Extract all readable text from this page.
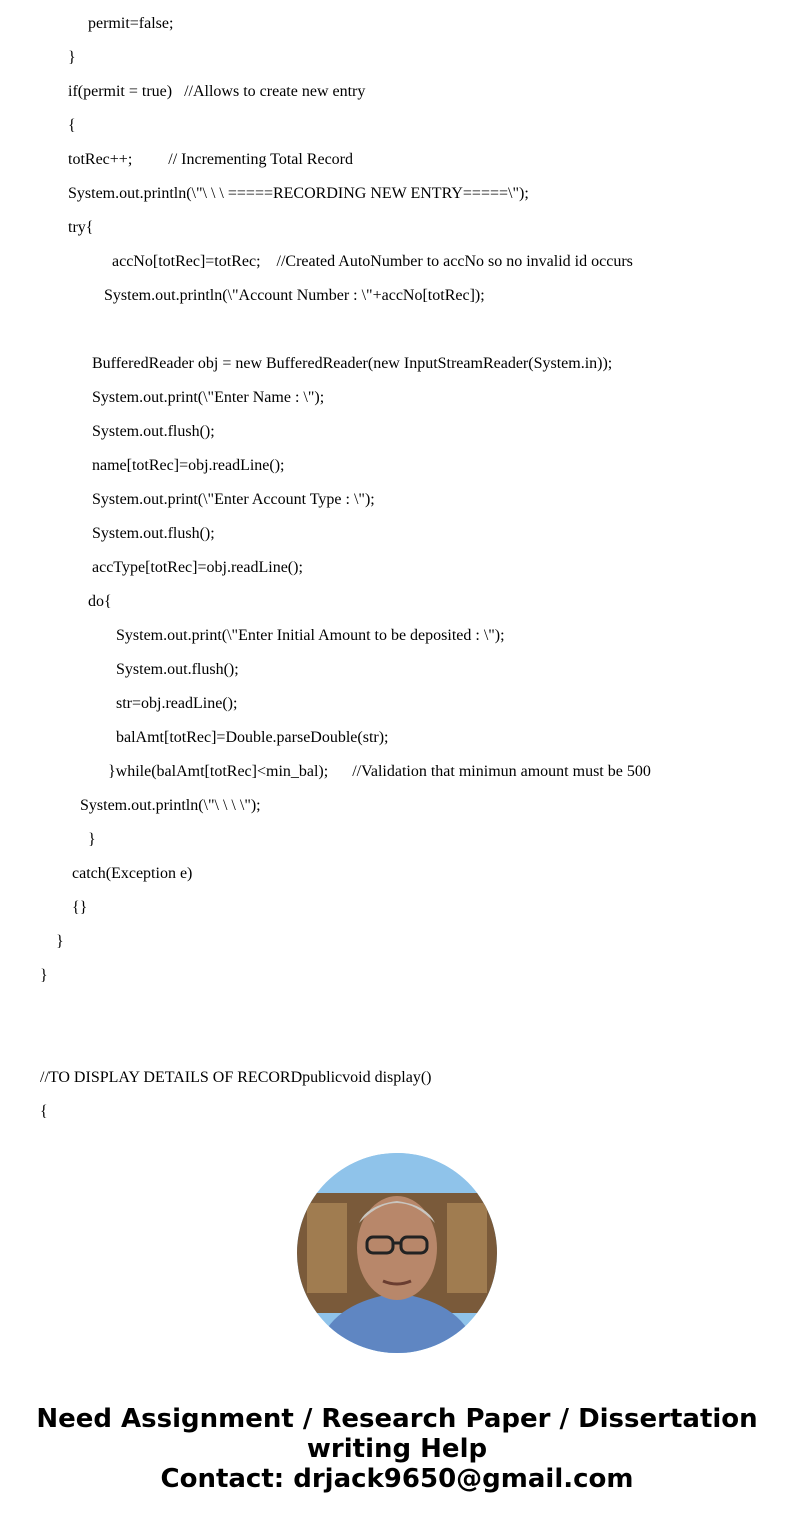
permit=false;
}
if(permit = true)   //Allows to create new entry
{
totRec++;         // Incrementing Total Record
System.out.println(\"\ \ \ =====RECORDING NEW ENTRY=====\");
try{
accNo[totRec]=totRec;    //Created AutoNumber to accNo so no invalid id occurs
System.out.println(\"Account Number : \"+accNo[totRec]);
BufferedReader obj = new BufferedReader(new InputStreamReader(System.in));
System.out.print(\"Enter Name : \");
System.out.flush();
name[totRec]=obj.readLine();
System.out.print(\"Enter Account Type : \");
System.out.flush();
accType[totRec]=obj.readLine();
do{
System.out.print(\"Enter Initial Amount to be deposited : \");
System.out.flush();
str=obj.readLine();
balAmt[totRec]=Double.parseDouble(str);
}while(balAmt[totRec]<min_bal);      //Validation that minimun amount must be 500
System.out.println(\"\ \ \ \");
}
catch(Exception e)
{}
}
}
//TO DISPLAY DETAILS OF RECORDpublicvoid display()
{
Need Assignment / Research Paper / Dissertation
writing Help
Contact: drjack9650@gmail.com
